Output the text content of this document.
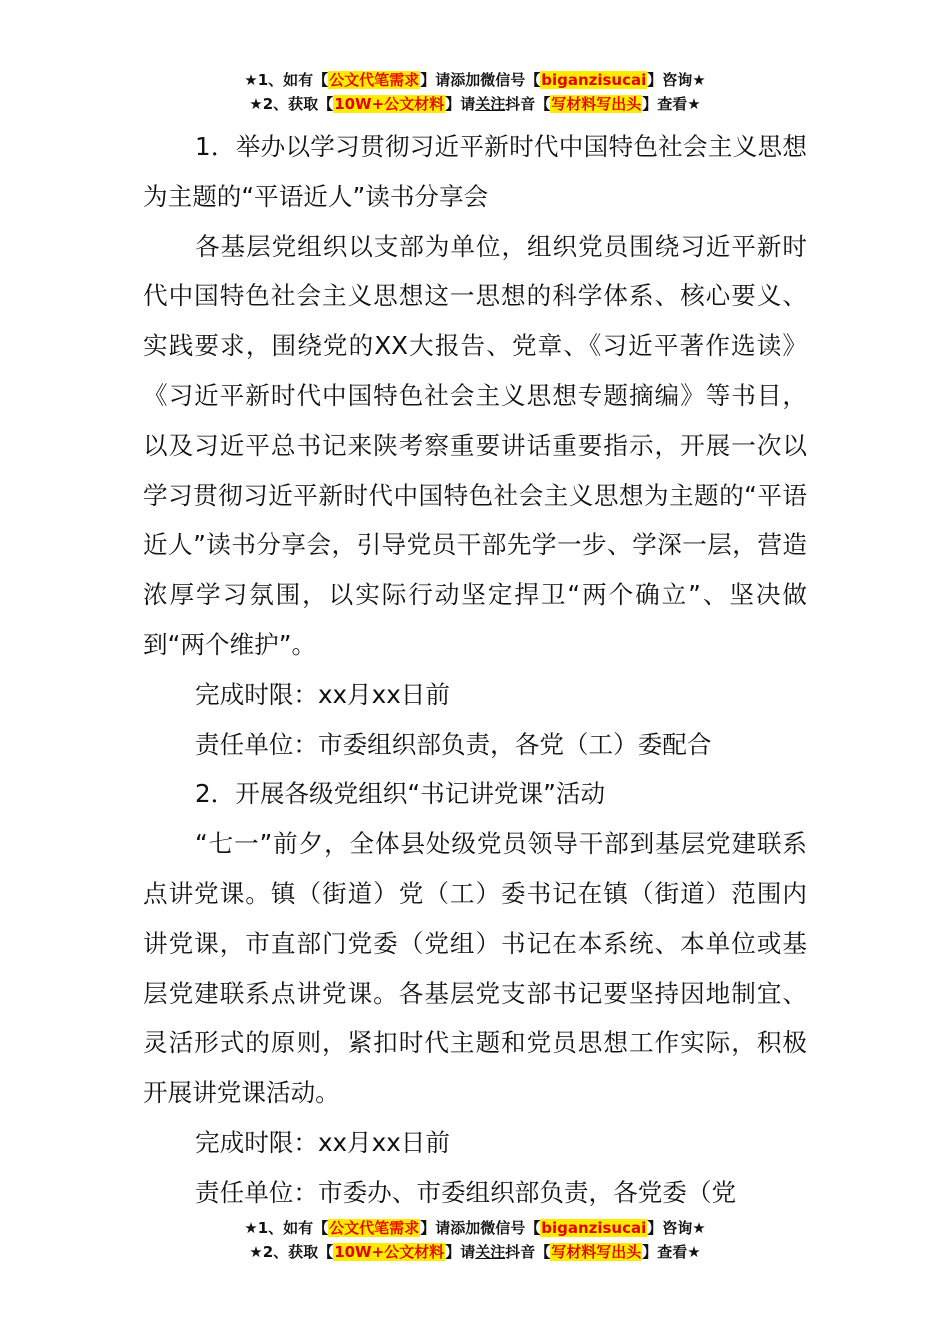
★1、如有【公文代笔需求】请添加微信号【biganzisucai】咨询★
★2、获取【10W+公文材料】请关注抖音【写材料写出头】查看★

1．举办以学习贯彻习近平新时代中国特色社会主义思想为主题的“平语近人”读书分享会

各基层党组织以支部为单位，组织党员围绕习近平新时代中国特色社会主义思想这一思想的科学体系、核心要义、实践要求，围绕党的XX大报告、党章、《习近平著作选读》《习近平新时代中国特色社会主义思想专题摘编》等书目，以及习近平总书记来陕考察重要讲话重要指示，开展一次以学习贯彻习近平新时代中国特色社会主义思想为主题的“平语近人”读书分享会，引导党员干部先学一步、学深一层，营造浓厚学习氛围，以实际行动坚定捍卫“两个确立”、坚决做到“两个维护”。

完成时限：xx月xx日前

责任单位：市委组织部负责，各党（工）委配合

2．开展各级党组织“书记讲党课”活动

“七一”前夕，全体县处级党员领导干部到基层党建联系点讲党课。镇（街道）党（工）委书记在镇（街道）范围内讲党课，市直部门党委（党组）书记在本系统、本单位或基层党建联系点讲党课。各基层党支部书记要坚持因地制宜、灵活形式的原则，紧扣时代主题和党员思想工作实际，积极开展讲党课活动。

完成时限：xx月xx日前

责任单位：市委办、市委组织部负责，各党委（党

★1、如有【公文代笔需求】请添加微信号【biganzisucai】咨询★
★2、获取【10W+公文材料】请关注抖音【写材料写出头】查看★
